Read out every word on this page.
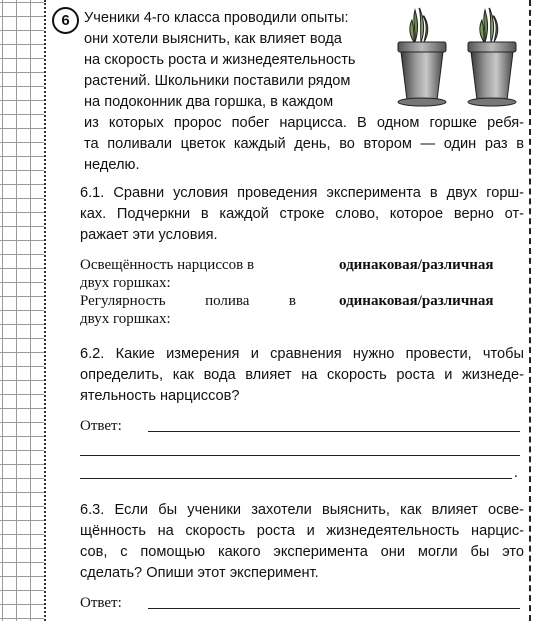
6 Ученики 4-го класса проводили опыты:
они хотели выяснить, как влияет вода
на скорость роста и жизнедеятельность
растений. Школьники поставили рядом
на подоконник два горшка, в каждом
из которых пророс побег нарцисса. В одном горшке ребя-
та поливали цветок каждый день, во втором — один раз в
неделю.
6.1. Сравни условия проведения эксперимента в двух горш-
ках. Подчеркни в каждой строке слово, которое верно от-
ражает эти условия.
Освещённость нарциссов в
двух горшках:
одинаковая/различная
Регулярность полива в
двух горшках:
одинаковая/различная
6.2. Какие измерения и сравнения нужно провести, чтобы
определить, как вода влияет на скорость роста и жизнеде-
ятельность нарциссов?
Ответ:
.
6.3. Если бы ученики захотели выяснить, как влияет осве-
щённость на скорость роста и жизнедеятельность нарцис-
сов, с помощью какого эксперимента они могли бы это
сделать? Опиши этот эксперимент.
Ответ:
